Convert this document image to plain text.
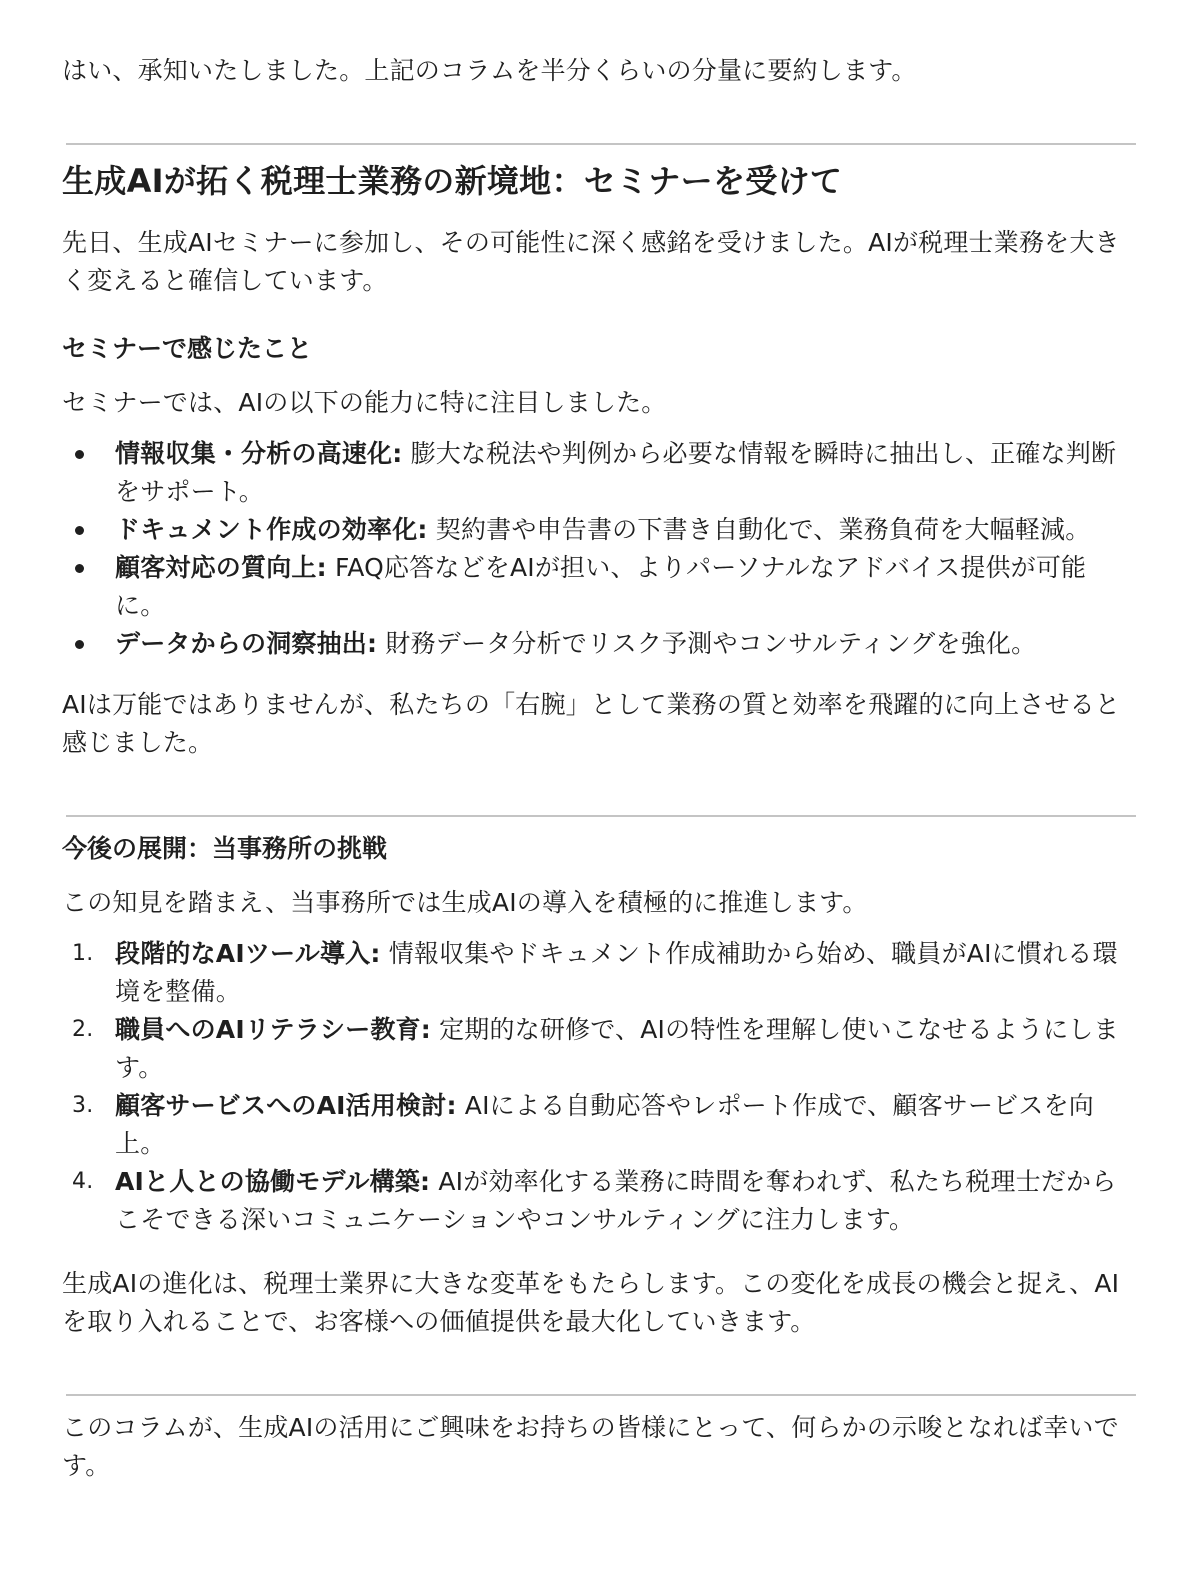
はい、承知いたしました。上記のコラムを半分くらいの分量に要約します。

生成AIが拓く税理士業務の新境地：セミナーを受けて

先日、生成AIセミナーに参加し、その可能性に深く感銘を受けました。AIが税理士業務を大きく変えると確信しています。

セミナーで感じたこと

セミナーでは、AIの以下の能力に特に注目しました。

情報収集・分析の高速化: 膨大な税法や判例から必要な情報を瞬時に抽出し、正確な判断をサポート。
ドキュメント作成の効率化: 契約書や申告書の下書き自動化で、業務負荷を大幅軽減。
顧客対応の質向上: FAQ応答などをAIが担い、よりパーソナルなアドバイス提供が可能に。
データからの洞察抽出: 財務データ分析でリスク予測やコンサルティングを強化。

AIは万能ではありませんが、私たちの「右腕」として業務の質と効率を飛躍的に向上させると感じました。

今後の展開：当事務所の挑戦

この知見を踏まえ、当事務所では生成AIの導入を積極的に推進します。

1. 段階的なAIツール導入: 情報収集やドキュメント作成補助から始め、職員がAIに慣れる環境を整備。
2. 職員へのAIリテラシー教育: 定期的な研修で、AIの特性を理解し使いこなせるようにします。
3. 顧客サービスへのAI活用検討: AIによる自動応答やレポート作成で、顧客サービスを向上。
4. AIと人との協働モデル構築: AIが効率化する業務に時間を奪われず、私たち税理士だからこそできる深いコミュニケーションやコンサルティングに注力します。

生成AIの進化は、税理士業界に大きな変革をもたらします。この変化を成長の機会と捉え、AIを取り入れることで、お客様への価値提供を最大化していきます。

このコラムが、生成AIの活用にご興味をお持ちの皆様にとって、何らかの示唆となれば幸いです。
